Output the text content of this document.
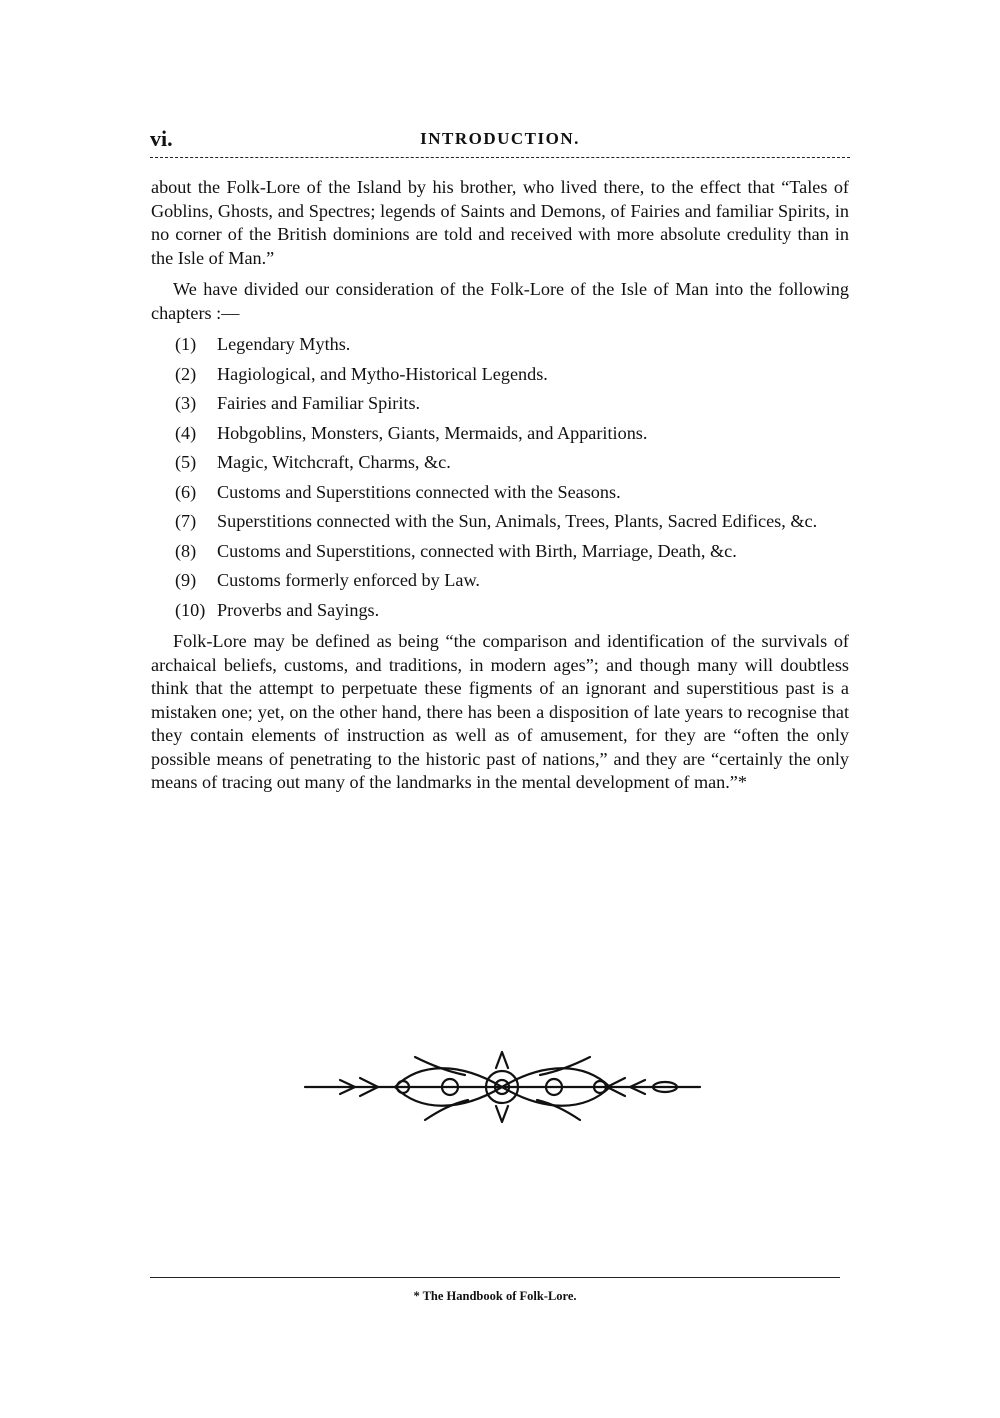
vi.	INTRODUCTION.

about the Folk-Lore of the Island by his brother, who lived there, to the effect that “Tales of Goblins, Ghosts, and Spectres; legends of Saints and Demons, of Fairies and familiar Spirits, in no corner of the British dominions are told and received with more absolute credulity than in the Isle of Man.”

We have divided our consideration of the Folk-Lore of the Isle of Man into the following chapters :—

(1)	Legendary Myths.
(2)	Hagiological, and Mytho-Historical Legends.
(3)	Fairies and Familiar Spirits.
(4)	Hobgoblins, Monsters, Giants, Mermaids, and Apparitions.
(5)	Magic, Witchcraft, Charms, &c.
(6)	Customs and Superstitions connected with the Seasons.
(7)	Superstitions connected with the Sun, Animals, Trees, Plants, Sacred Edifices, &c.
(8)	Customs and Superstitions, connected with Birth, Marriage, Death, &c.
(9)	Customs formerly enforced by Law.
(10) Proverbs and Sayings.

Folk-Lore may be defined as being “the comparison and identification of the survivals of archaical beliefs, customs, and traditions, in modern ages”; and though many will doubtless think that the attempt to perpetuate these figments of an ignorant and superstitious past is a mistaken one; yet, on the other hand, there has been a disposition of late years to recognise that they contain elements of instruction as well as of amusement, for they are “often the only possible means of penetrating to the historic past of nations,” and they are “certainly the only means of tracing out many of the landmarks in the mental development of man.”*

* The Handbook of Folk-Lore.
